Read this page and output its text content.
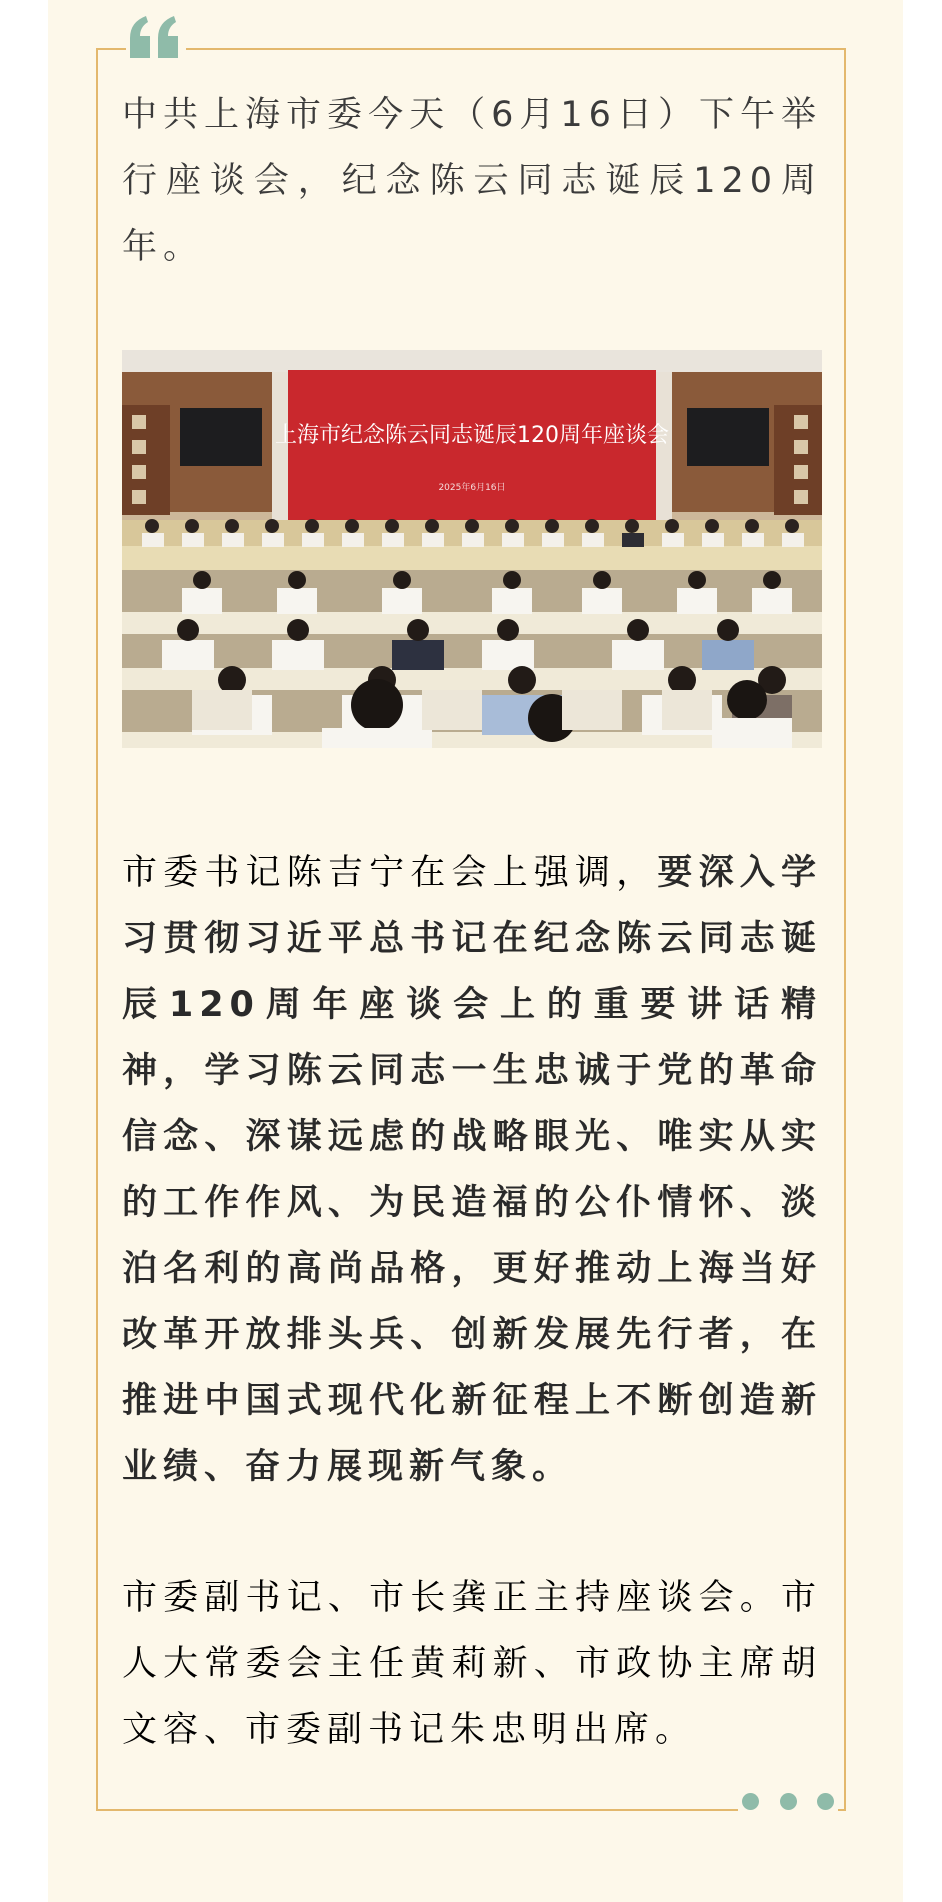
中共上海市委今天（6月16日）下午举行座谈会，纪念陈云同志诞辰120周年。

上海市纪念陈云同志诞辰120周年座谈会
2025年6月16日

市委书记陈吉宁在会上强调，要深入学习贯彻习近平总书记在纪念陈云同志诞辰120周年座谈会上的重要讲话精神，学习陈云同志一生忠诚于党的革命信念、深谋远虑的战略眼光、唯实从实的工作作风、为民造福的公仆情怀、淡泊名利的高尚品格，更好推动上海当好改革开放排头兵、创新发展先行者，在推进中国式现代化新征程上不断创造新业绩、奋力展现新气象。

市委副书记、市长龚正主持座谈会。市人大常委会主任黄莉新、市政协主席胡文容、市委副书记朱忠明出席。
